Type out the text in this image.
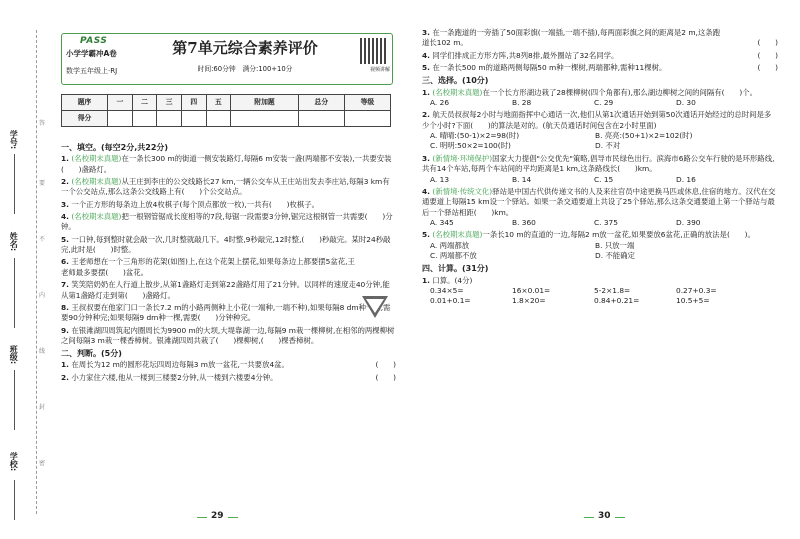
学校:
班级:
姓名:
学号:
答
要
不
内
线
封
密
PASS
小学学霸冲A卷
数学五年级上·RJ
第7单元综合素养评价
时间:60分钟　满分:100+10分	视频讲解
题序	一	二	三	四	五	附加题	总分	等级
得分								
一、填空。(每空2分,共22分)
1. (名校期末真题)在一条长300 m的街道一侧安装路灯,每隔6 m安装一盏(两端都不安装),一共要安装(　　)盏路灯。
2. (名校期末真题)从王庄到李庄的公交线路长27 km,一辆公交车从王庄站出发去李庄站,每隔3 km有一个公交站点,那么这条公交线路上有(　　)个公交站点。
3. 一个正方形的每条边上放4枚棋子(每个顶点都放一枚),一共有(　　)枚棋子。
4. (名校期末真题)把一根钢管锯成长度相等的7段,每锯一段需要3分钟,锯完这根钢管一共需要(　　)分钟。
5. 一口钟,每到整时就会敲一次,几时整就敲几下。4时整,9秒敲完,12时整,(　　)秒敲完。某时24秒敲完,此时是(　　)时整。
6. 王老师想在一个三角形的花架(如图)上,在这个花架上摆花,如果每条边上都要摆5盆花,王老师最多要摆(　　)盆花。
7. 笑笑陪奶奶在人行道上散步,从第1盏路灯走到第22盏路灯用了21分钟。以同样的速度走40分钟,能从第1盏路灯走到第(　　)盏路灯。
8. 王叔叔要在他家门口一条长7.2 m的小路两侧种上小花(一端种,一端不种),如果每隔8 dm种一棵,需要90分钟种完;如果每隔9 dm种一棵,需要(　　)分钟种完。
9. 在银滩湖四周筑起内圈周长为9900 m的大坝,大堤靠湖一边,每隔9 m栽一棵柳树,在相邻的两棵柳树之间每隔3 m栽一棵香樟树。银滩湖四周共栽了(　　)棵柳树,(　　)棵香樟树。
二、判断。(5分)
1. 在周长为12 m的圆形花坛四周边每隔3 m放一盆花,一共要放4盆。	(　　)
2. 小力家住六楼,他从一楼到三楼要2分钟,从一楼到六楼要4分钟。	(　　)
29
3. 在一条跑道的一旁插了50面彩旗(一端插,一端不插),每两面彩旗之间的距离是2 m,这条跑道长102 m。	(　　)
4. 同学们排成正方形方阵,共8列8排,最外圈站了32名同学。	(　　)
5. 在一条长500 m的道路两侧每隔50 m种一棵树,两端都种,需种11棵树。	(　　)
三、选择。(10分)
1. (名校期末真题)在一个长方形湖边栽了28棵柳树(四个角都有),那么湖边柳树之间的间隔有(　　)个。
A. 26	B. 28	C. 29	D. 30
2. 航天员叔叔每2小时与地面指挥中心通话一次,他们从第1次通话开始到第50次通话开始经过的总时间是多少个小时?下面(　　)的算法是对的。(航天员通话时间包含在2小时里面)
A. 晴晴:(50-1)×2=98(时)	B. 亮亮:(50+1)×2=102(时)
C. 明明:50×2=100(时)	D. 不对
3. (新情境·环境保护)国家大力提倡"公交优先"策略,倡导市民绿色出行。滨海市6路公交车行驶的是环形路线,共有14个车站,每两个车站间的平均距离是1 km,这条路线长(　　)km。
A. 13	B. 14	C. 15	D. 16
4. (新情境·传统文化)驿站是中国古代供传递文书的人及来往官员中途更换马匹或休息,住宿的地方。汉代在交通要道上每隔15 km设一个驿站。如果一条交通要道上共设了25个驿站,那么这条交通要道上第一个驿站与最后一个驿站相距(　　)km。
A. 345	B. 360	C. 375	D. 390
5. (名校期末真题)一条长10 m的直道的一边,每隔2 m放一盆花,如果要放6盆花,正确的放法是(　　)。
A. 两端都放	B. 只放一端
C. 两端都不放	D. 不能确定
四、计算。(31分)
1. 口算。(4分)
0.34×5=	16×0.01=	5-2×1.8=	0.27+0.3=
0.01+0.1=	1.8×20=	0.84+0.21=	10.5+5=
30
